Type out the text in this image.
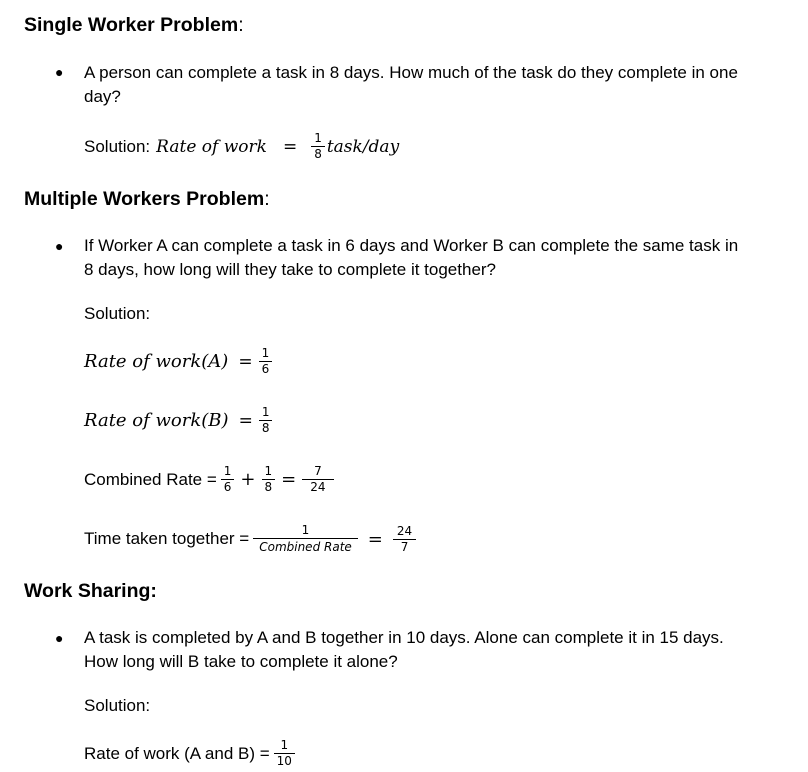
Single Worker Problem:
● A person can complete a task in 8 days. How much of the task do they complete in one
day?
Solution: Rate of work = $\frac{1}{8}$ task/day
Multiple Workers Problem:
● If Worker A can complete a task in 6 days and Worker B can complete the same task in
8 days, how long will they take to complete it together?
Solution:
Rate of work(A) = $\frac{1}{6}$
Rate of work(B) = $\frac{1}{8}$
Combined Rate = $\frac{1}{6} + \frac{1}{8} = \frac{7}{24}$
Time taken together = $\frac{1}{\text{Combined Rate}} = \frac{24}{7}$
Work Sharing:
● A task is completed by A and B together in 10 days. Alone can complete it in 15 days.
How long will B take to complete it alone?
Solution:
Rate of work (A and $B) = \frac{1}{10}$
